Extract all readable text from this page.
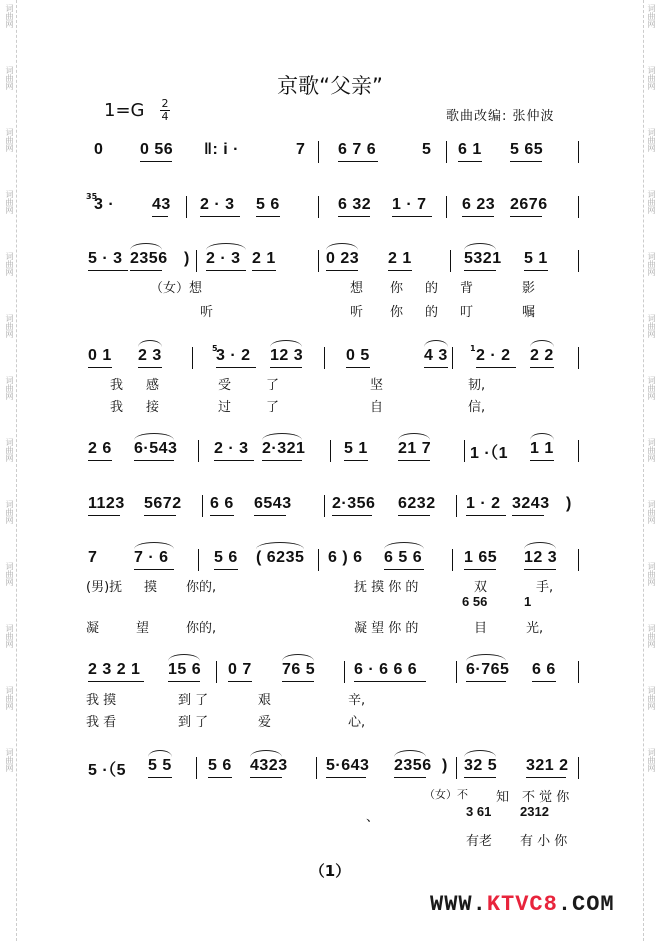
词曲网
词曲网
词曲网
词曲网
词曲网
词曲网
词曲网
词曲网
词曲网
词曲网
词曲网
词曲网
词曲网
词曲网
词曲网
词曲网
词曲网
词曲网
词曲网
词曲网
词曲网
词曲网
词曲网
词曲网
词曲网
词曲网
京歌“父亲”
1=G 2
4	歌曲改编: 张仲波
0 0 56 ‖: i ·	7 6 7 6	5 6 1 5 65
3 · 43 2 · 3 5 6	6 32 1 · 7 6 23 2676
5 · 3 2356 ) 2 · 3 2 1	0 23 2 1	5321 5 1
0 1 2 3	3 · 2 12 3	0 5	4 3 2 · 2 2 2
2 6 6·543 2 · 3 2·321 5 1 21 7 1 ·（1 1 1
1123 5672 6 6 6543	2·356 6232 1 · 2 3243 )
7 7 · 6	5 6 ( 6235 6 ) 6 6 5 6	1 65 12 3
2 3 2 1 15 6 0 7 76 5 6 · 6 6 6	6·765 6 6
5 ·（5 5 5 5 6 4323 5·643 2356 ) 32 5 321 2
（女）想	想 你 的 背	影
听	听 你 的 叮	嘱
我 感	受	了	坚	韧,
我 接	过	了	自	信,
(男)抚 摸 你的,	抚 摸 你 的	双	手,
6 56	1
凝	望	你的,	凝 望 你 的	目	光,
我 摸	到 了	艰	辛,
我 看	到 了	爱	心,
（女）不 知 不 觉 你
、	3 61 2312
有老 有 小 你
35
5	1
（1）
WWW.KTVC8.COM
